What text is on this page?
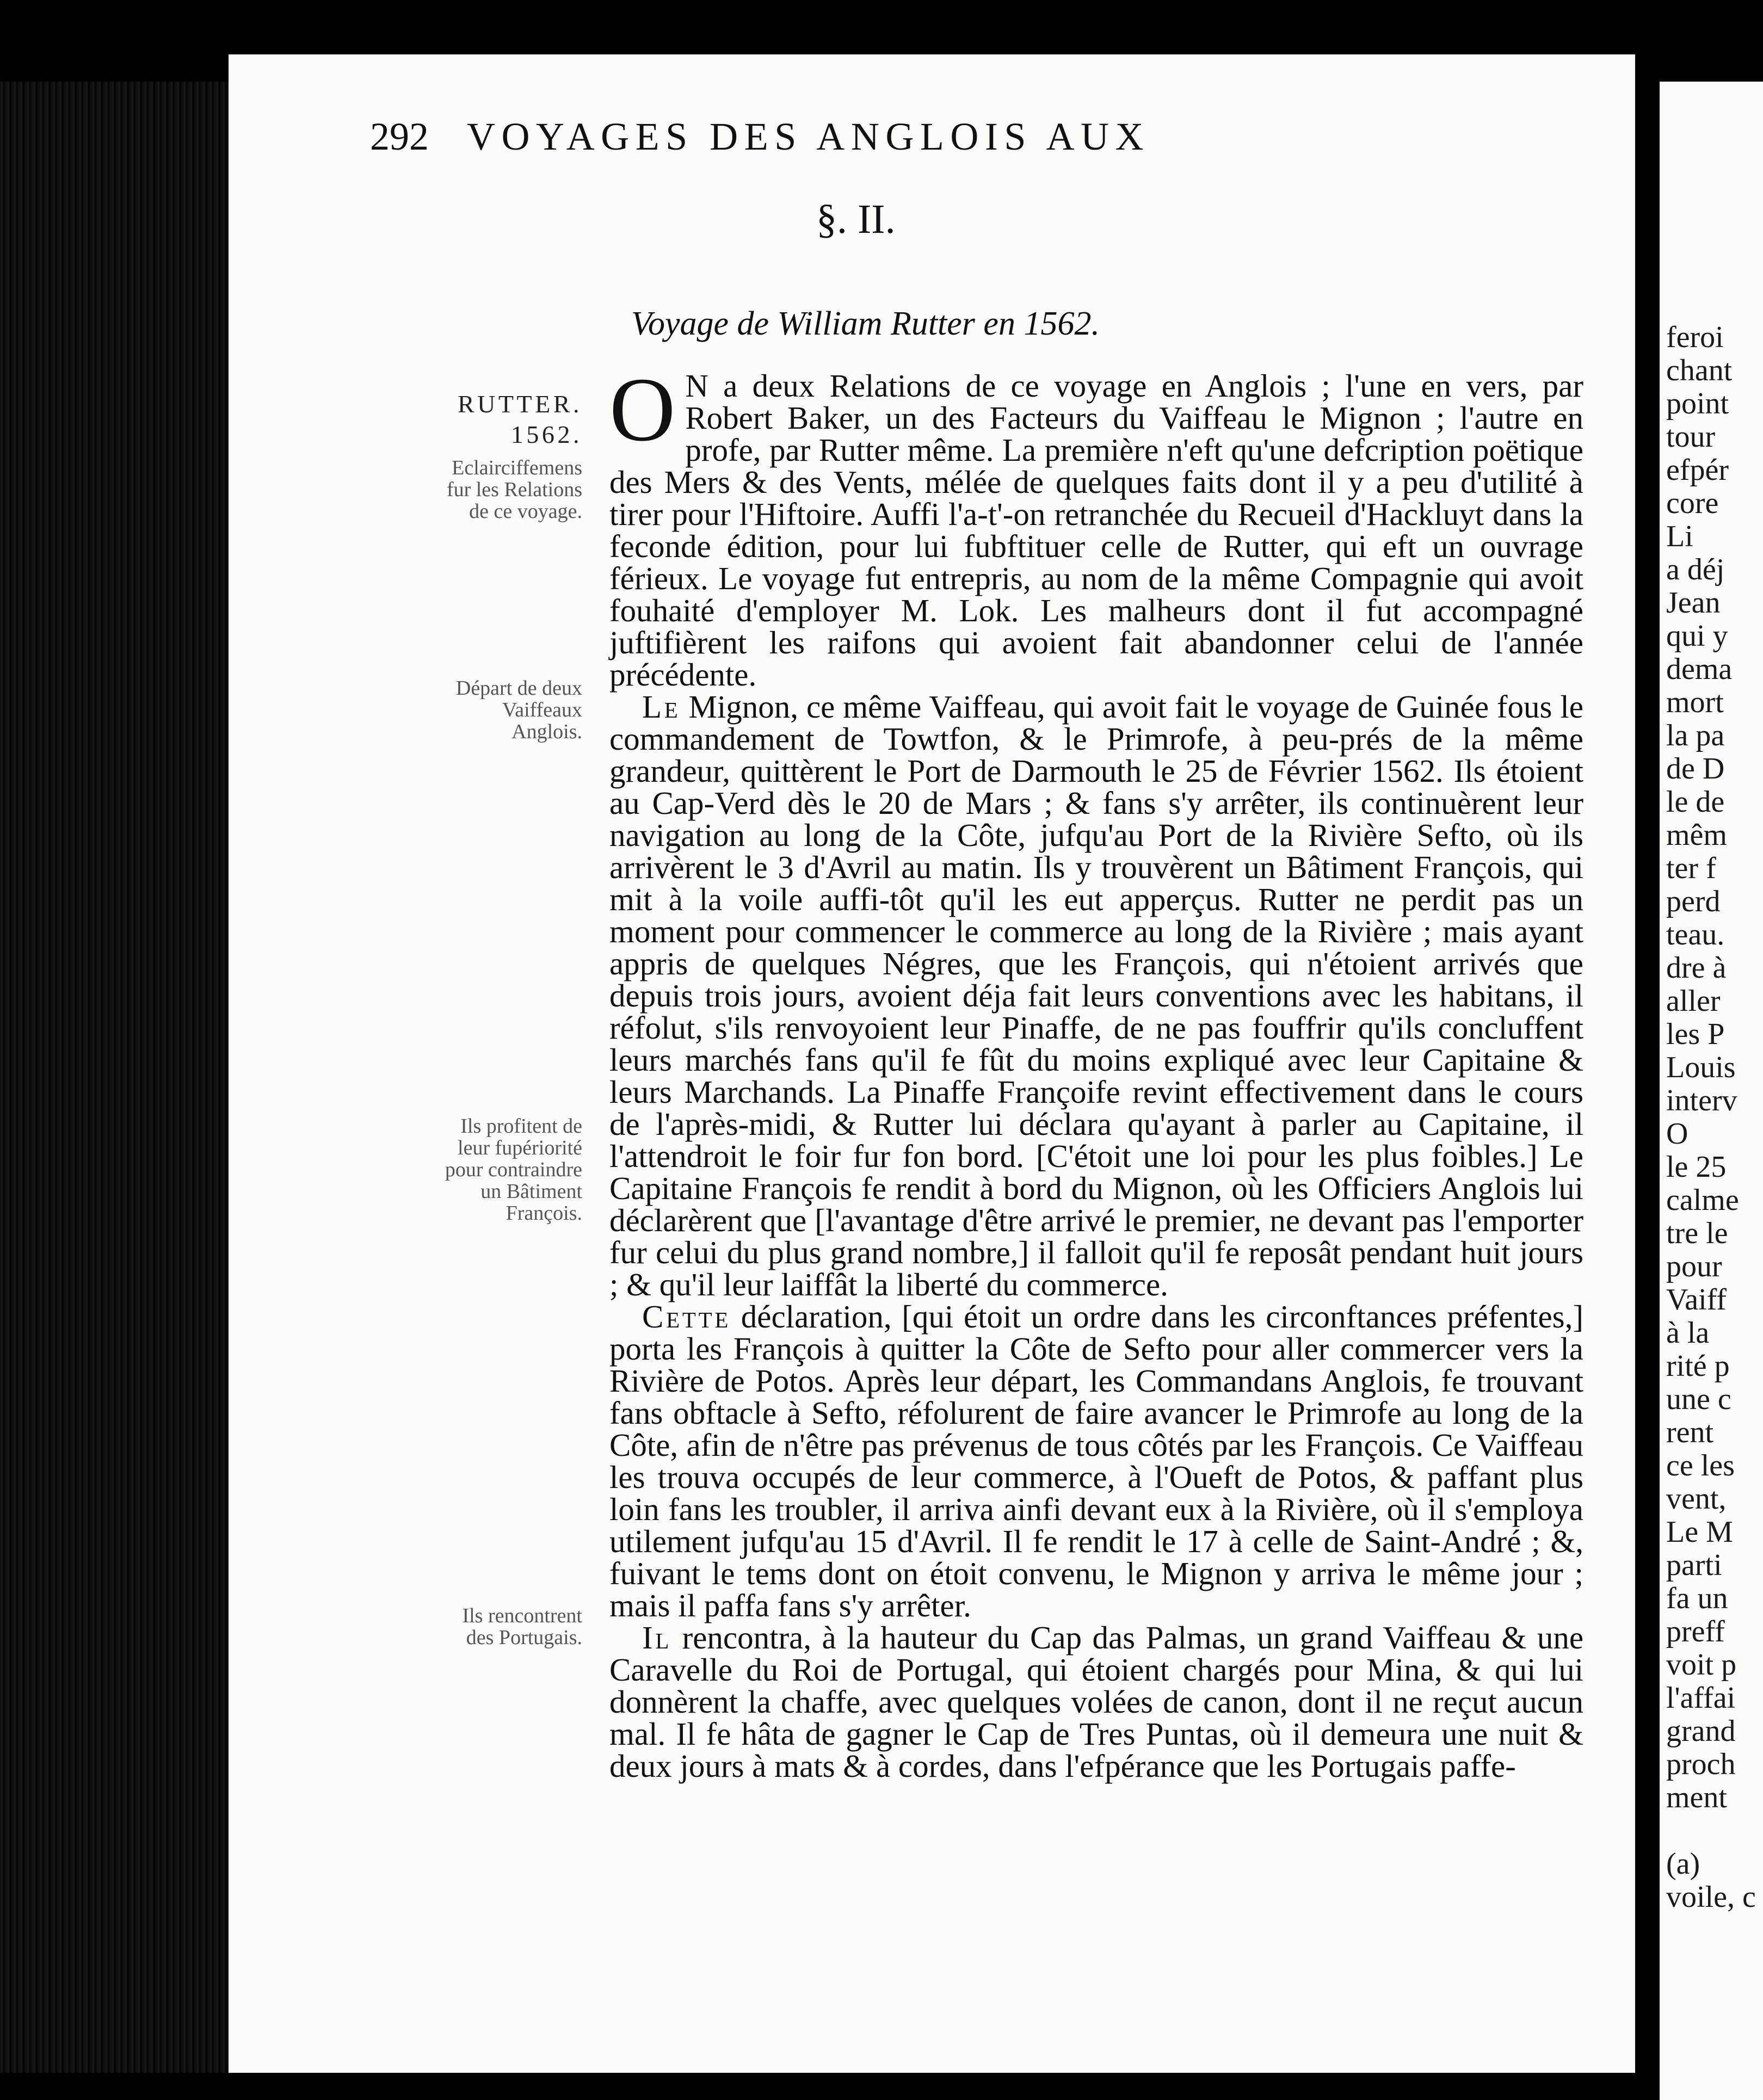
292 VOYAGES DES ANGLOIS AUX
§. II.
Voyage de William Rutter en 1562.
RUTTER. 1562.
Eclairciffemens fur les Relations de ce voyage.
Départ de deux Vaiffeaux Anglois.
Ils profitent de leur fupériorité pour contraindre un Bâtiment François.
Ils rencontrent des Portugais.

O N a deux Relations de ce voyage en Anglois ; l'une en vers, par Robert Baker, un des Facteurs du Vaiffeau le Mignon ; l'autre en profe, par Rutter même. La première n'eft qu'une defcription poëtique des Mers & des Vents, mélée de quelques faits dont il y a peu d'utilité à tirer pour l'Hiftoire. Auffi l'a-t'-on retranchée du Recueil d'Hackluyt dans la feconde édition, pour lui fubftituer celle de Rutter, qui eft un ouvrage férieux. Le voyage fut entrepris, au nom de la même Compagnie qui avoit fouhaité d'employer M. Lok. Les malheurs dont il fut accompagné juftifièrent les raifons qui avoient fait abandonner celui de l'année précédente.

Le Mignon, ce même Vaiffeau, qui avoit fait le voyage de Guinée fous le commandement de Towtfon, & le Primrofe, à peu-prés de la même grandeur, quittèrent le Port de Darmouth le 25 de Février 1562. Ils étoient au Cap-Verd dès le 20 de Mars ; & fans s'y arrêter, ils continuèrent leur navigation au long de la Côte, jufqu'au Port de la Rivière Sefto, où ils arrivèrent le 3 d'Avril au matin. Ils y trouvèrent un Bâtiment François, qui mit à la voile auffi-tôt qu'il les eut apperçus. Rutter ne perdit pas un moment pour commencer le commerce au long de la Rivière ; mais ayant appris de quelques Négres, que les François, qui n'étoient arrivés que depuis trois jours, avoient déja fait leurs conventions avec les habitans, il réfolut, s'ils renvoyoient leur Pinaffe, de ne pas fouffrir qu'ils concluffent leurs marchés fans qu'il fe fût du moins expliqué avec leur Capitaine & leurs Marchands. La Pinaffe Françoife revint effectivement dans le cours de l'après-midi, & Rutter lui déclara qu'ayant à parler au Capitaine, il l'attendroit le foir fur fon bord. [C'étoit une loi pour les plus foibles.] Le Capitaine François fe rendit à bord du Mignon, où les Officiers Anglois lui déclarèrent que [l'avantage d'être arrivé le premier, ne devant pas l'emporter fur celui du plus grand nombre,] il falloit qu'il fe reposât pendant huit jours ; & qu'il leur laiffât la liberté du commerce.

Cette déclaration, [qui étoit un ordre dans les circonftances préfentes,] porta les François à quitter la Côte de Sefto pour aller commercer vers la Rivière de Potos. Après leur départ, les Commandans Anglois, fe trouvant fans obftacle à Sefto, réfolurent de faire avancer le Primrofe au long de la Côte, afin de n'être pas prévenus de tous côtés par les François. Ce Vaiffeau les trouva occupés de leur commerce, à l'Oueft de Potos, & paffant plus loin fans les troubler, il arriva ainfi devant eux à la Rivière, où il s'employa utilement jufqu'au 15 d'Avril. Il fe rendit le 17 à celle de Saint-André ; &, fuivant le tems dont on étoit convenu, le Mignon y arriva le même jour ; mais il paffa fans s'y arrêter.

Il rencontra, à la hauteur du Cap das Palmas, un grand Vaiffeau & une Caravelle du Roi de Portugal, qui étoient chargés pour Mina, & qui lui donnèrent la chaffe, avec quelques volées de canon, dont il ne reçut aucun mal. Il fe hâta de gagner le Cap de Tres Puntas, où il demeura une nuit & deux jours à mats & à cordes, dans l'efpérance que les Portugais paffe-

feroi
chant
point
tour
efpér
core
Li
a déj
Jean
qui y
dema
mort
la pa
de D
le de
mêm
ter f
perd
teau.
dre à
aller
les P
Louis
interv
O
le 25
calme
tre le
pour
Vaiff
à la
rité p
une c
rent
ce les
vent,
Le M
parti
fa un
preff
voit p
l'affai
grand
proch
ment

(a)
voile, c
